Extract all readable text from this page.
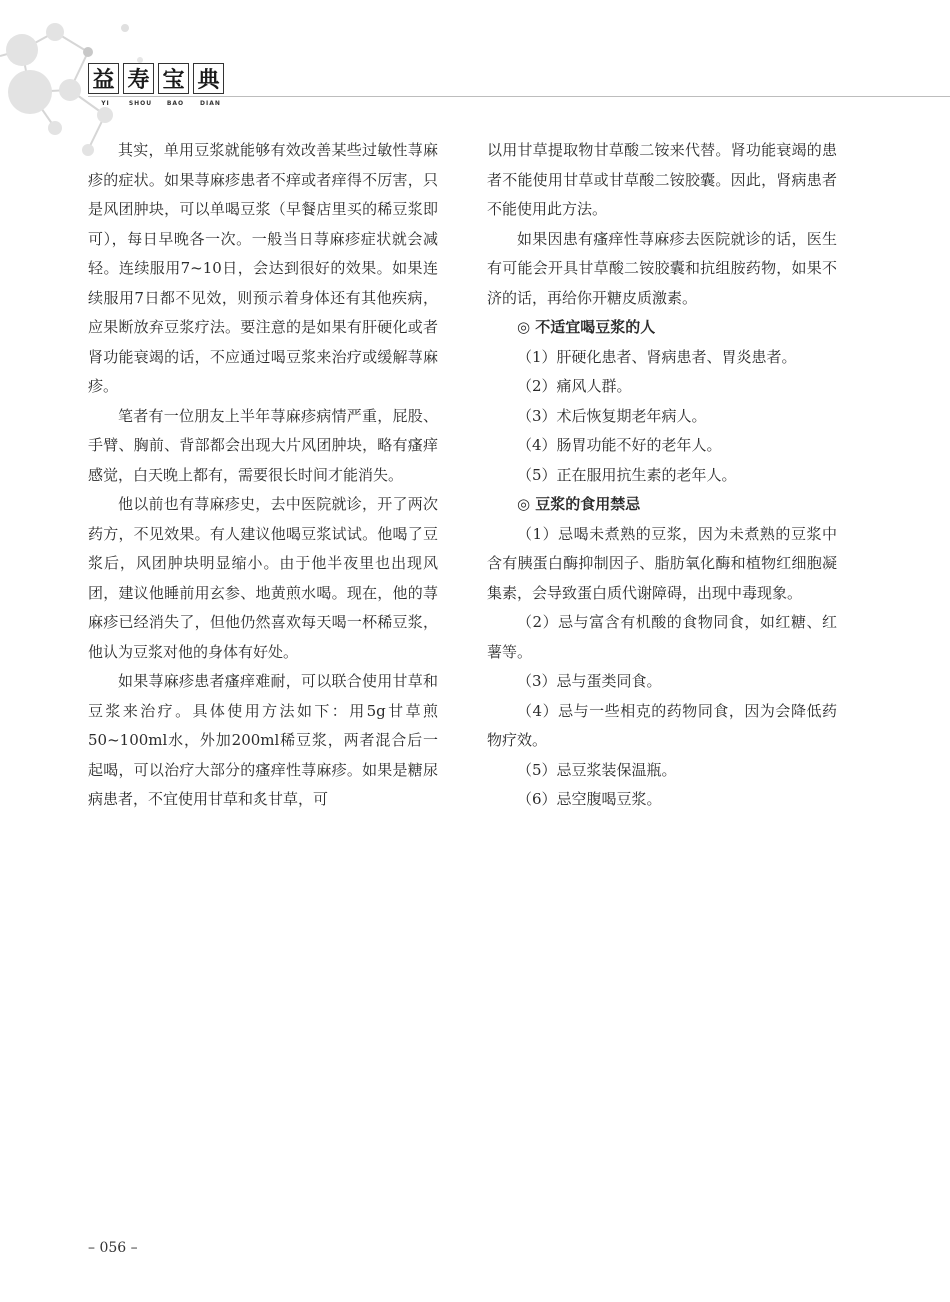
益 寿 宝 典
YI	SHOU	BAO	DIAN

其实，单用豆浆就能够有效改善某些过敏性荨麻疹的症状。如果荨麻疹患者不痒或者痒得不厉害，只是风团肿块，可以单喝豆浆（早餐店里买的稀豆浆即可），每日早晚各一次。一般当日荨麻疹症状就会减轻。连续服用7~10日，会达到很好的效果。如果连续服用7日都不见效，则预示着身体还有其他疾病，应果断放弃豆浆疗法。要注意的是如果有肝硬化或者肾功能衰竭的话，不应通过喝豆浆来治疗或缓解荨麻疹。

笔者有一位朋友上半年荨麻疹病情严重，屁股、手臂、胸前、背部都会出现大片风团肿块，略有瘙痒感觉，白天晚上都有，需要很长时间才能消失。

他以前也有荨麻疹史，去中医院就诊，开了两次药方，不见效果。有人建议他喝豆浆试试。他喝了豆浆后，风团肿块明显缩小。由于他半夜里也出现风团，建议他睡前用玄参、地黄煎水喝。现在，他的荨麻疹已经消失了，但他仍然喜欢每天喝一杯稀豆浆，他认为豆浆对他的身体有好处。

如果荨麻疹患者瘙痒难耐，可以联合使用甘草和豆浆来治疗。具体使用方法如下：用5g甘草煎50~100ml水，外加200ml稀豆浆，两者混合后一起喝，可以治疗大部分的瘙痒性荨麻疹。如果是糖尿病患者，不宜使用甘草和炙甘草，可

以用甘草提取物甘草酸二铵来代替。肾功能衰竭的患者不能使用甘草或甘草酸二铵胶囊。因此，肾病患者不能使用此方法。

如果因患有瘙痒性荨麻疹去医院就诊的话，医生有可能会开具甘草酸二铵胶囊和抗组胺药物，如果不济的话，再给你开糖皮质激素。

◎ 不适宜喝豆浆的人

（1）肝硬化患者、肾病患者、胃炎患者。

（2）痛风人群。

（3）术后恢复期老年病人。

（4）肠胃功能不好的老年人。

（5）正在服用抗生素的老年人。

◎ 豆浆的食用禁忌

（1）忌喝未煮熟的豆浆，因为未煮熟的豆浆中含有胰蛋白酶抑制因子、脂肪氧化酶和植物红细胞凝集素，会导致蛋白质代谢障碍，出现中毒现象。

（2）忌与富含有机酸的食物同食，如红糖、红薯等。

（3）忌与蛋类同食。

（4）忌与一些相克的药物同食，因为会降低药物疗效。

（5）忌豆浆装保温瓶。

（6）忌空腹喝豆浆。

– 056 –
